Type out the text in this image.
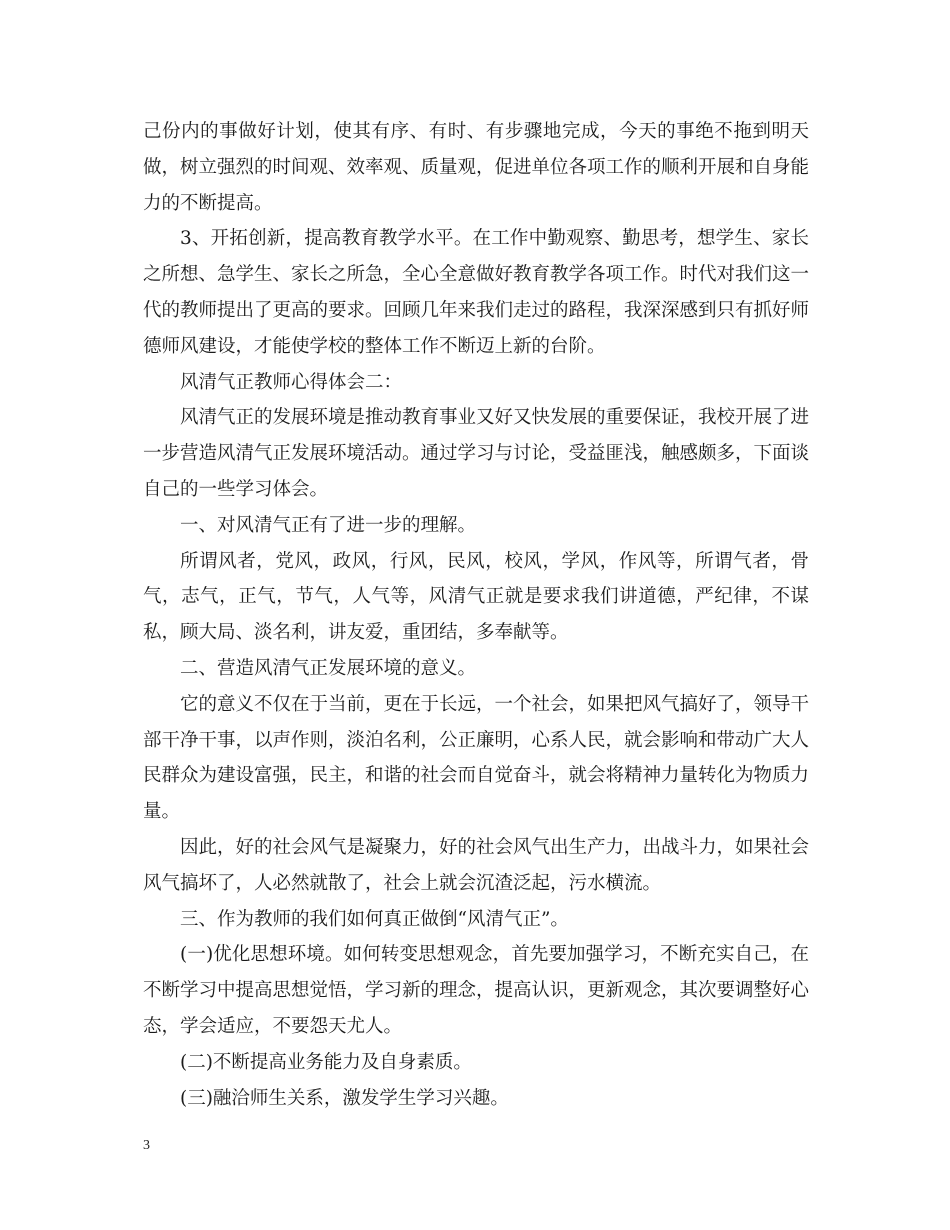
己份内的事做好计划，使其有序、有时、有步骤地完成，今天的事绝不拖到明天做，树立强烈的时间观、效率观、质量观，促进单位各项工作的顺利开展和自身能力的不断提高。

3、开拓创新，提高教育教学水平。在工作中勤观察、勤思考，想学生、家长之所想、急学生、家长之所急，全心全意做好教育教学各项工作。时代对我们这一代的教师提出了更高的要求。回顾几年来我们走过的路程，我深深感到只有抓好师德师风建设，才能使学校的整体工作不断迈上新的台阶。

风清气正教师心得体会二：

风清气正的发展环境是推动教育事业又好又快发展的重要保证，我校开展了进一步营造风清气正发展环境活动。通过学习与讨论，受益匪浅，触感颇多，下面谈自己的一些学习体会。

一、对风清气正有了进一步的理解。

所谓风者，党风，政风，行风，民风，校风，学风，作风等，所谓气者，骨气，志气，正气，节气，人气等，风清气正就是要求我们讲道德，严纪律，不谋私，顾大局、淡名利，讲友爱，重团结，多奉献等。

二、营造风清气正发展环境的意义。

它的意义不仅在于当前，更在于长远，一个社会，如果把风气搞好了，领导干部干净干事，以声作则，淡泊名利，公正廉明，心系人民，就会影响和带动广大人民群众为建设富强，民主，和谐的社会而自觉奋斗，就会将精神力量转化为物质力量。

因此，好的社会风气是凝聚力，好的社会风气出生产力，出战斗力，如果社会风气搞坏了，人必然就散了，社会上就会沉渣泛起，污水横流。

三、作为教师的我们如何真正做倒“风清气正”。

(一)优化思想环境。如何转变思想观念，首先要加强学习，不断充实自己，在不断学习中提高思想觉悟，学习新的理念，提高认识，更新观念，其次要调整好心态，学会适应，不要怨天尤人。

(二)不断提高业务能力及自身素质。

(三)融洽师生关系，激发学生学习兴趣。

3
